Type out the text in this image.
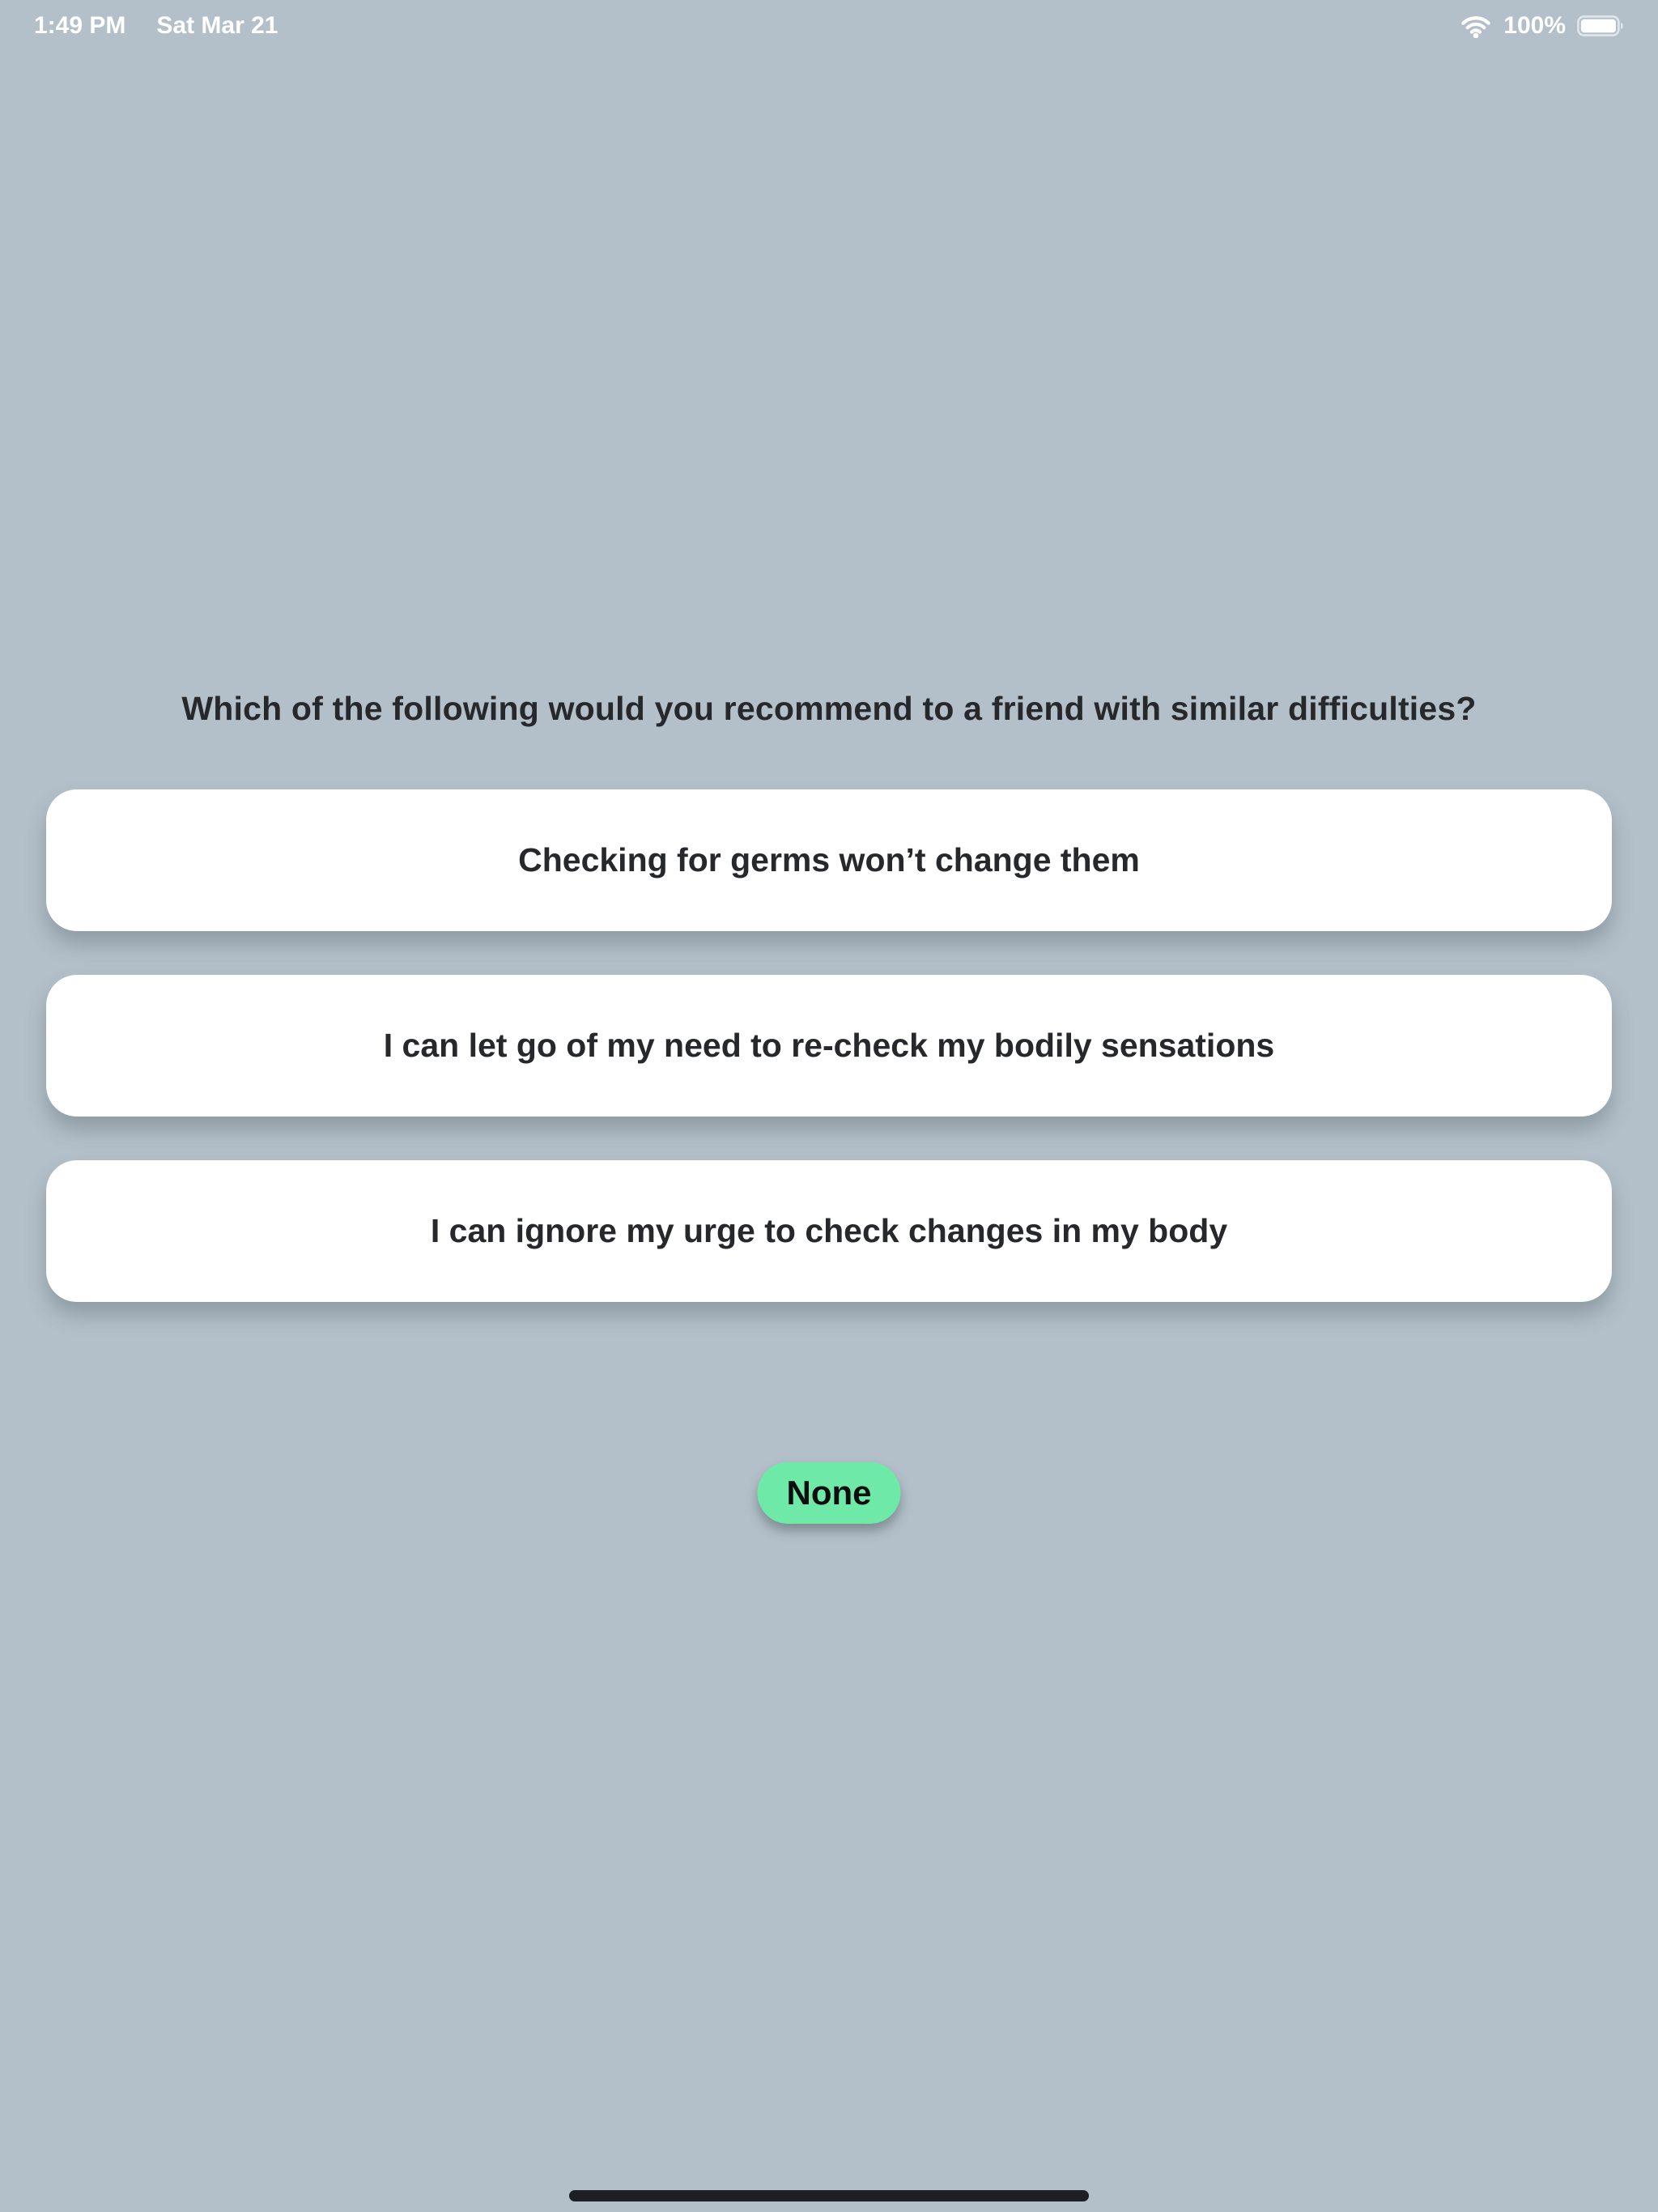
1:49 PM Sat Mar 21	100%
Which of the following would you recommend to a friend with similar difficulties?
Checking for germs won’t change them
I can let go of my need to re-check my bodily sensations
I can ignore my urge to check changes in my body
None
